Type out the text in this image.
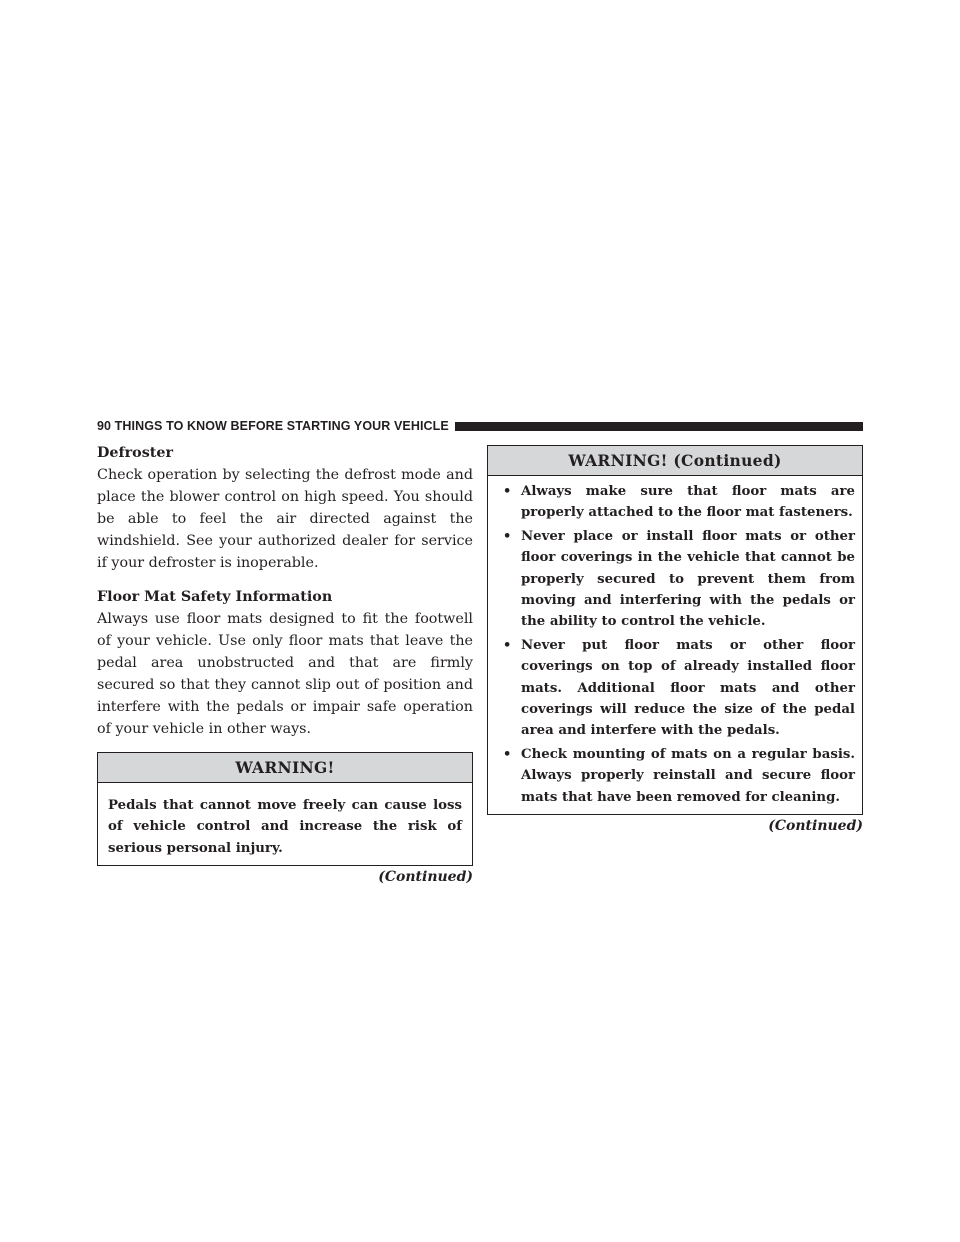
90 THINGS TO KNOW BEFORE STARTING YOUR VEHICLE

Defroster

Check operation by selecting the defrost mode and place the blower control on high speed. You should be able to feel the air directed against the windshield. See your authorized dealer for service if your defroster is inoperable.

Floor Mat Safety Information

Always use floor mats designed to fit the footwell of your vehicle. Use only floor mats that leave the pedal area unobstructed and that are firmly secured so that they cannot slip out of position and interfere with the pedals or impair safe operation of your vehicle in other ways.

WARNING!
Pedals that cannot move freely can cause loss of vehicle control and increase the risk of serious personal injury.
(Continued)
WARNING! (Continued)
• Always make sure that floor mats are properly attached to the floor mat fasteners.
• Never place or install floor mats or other floor coverings in the vehicle that cannot be properly secured to prevent them from moving and interfering with the pedals or the ability to control the vehicle.
• Never put floor mats or other floor coverings on top of already installed floor mats. Additional floor mats and other coverings will reduce the size of the pedal area and interfere with the pedals.
• Check mounting of mats on a regular basis. Always properly reinstall and secure floor mats that have been removed for cleaning.
(Continued)
